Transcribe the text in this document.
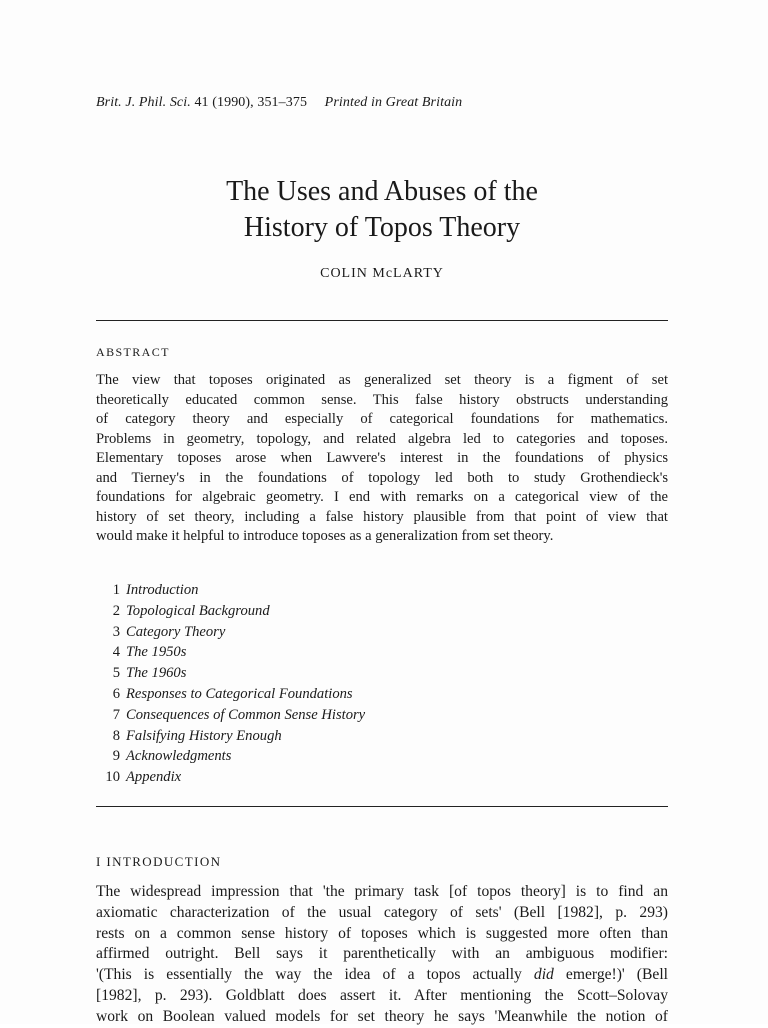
Brit. J. Phil. Sci. 41 (1990), 351–375 Printed in Great Britain
The Uses and Abuses of the
History of Topos Theory
COLIN McLARTY
ABSTRACT
The view that toposes originated as generalized set theory is a figment of set
theoretically educated common sense. This false history obstructs understanding
of category theory and especially of categorical foundations for mathematics.
Problems in geometry, topology, and related algebra led to categories and toposes.
Elementary toposes arose when Lawvere's interest in the foundations of physics
and Tierney's in the foundations of topology led both to study Grothendieck's
foundations for algebraic geometry. I end with remarks on a categorical view of the
history of set theory, including a false history plausible from that point of view that
would make it helpful to introduce toposes as a generalization from set theory.
1 Introduction
2 Topological Background
3 Category Theory
4 The 1950s
5 The 1960s
6 Responses to Categorical Foundations
7 Consequences of Common Sense History
8 Falsifying History Enough
9 Acknowledgments
10 Appendix
I INTRODUCTION
The widespread impression that 'the primary task [of topos theory] is to find an
axiomatic characterization of the usual category of sets' (Bell [1982], p. 293)
rests on a common sense history of toposes which is suggested more often than
affirmed outright. Bell says it parenthetically with an ambiguous modifier:
'(This is essentially the way the idea of a topos actually did emerge!)' (Bell
[1982], p. 293). Goldblatt does assert it. After mentioning the Scott–Solovay
work on Boolean valued models for set theory he says 'Meanwhile the notion of
